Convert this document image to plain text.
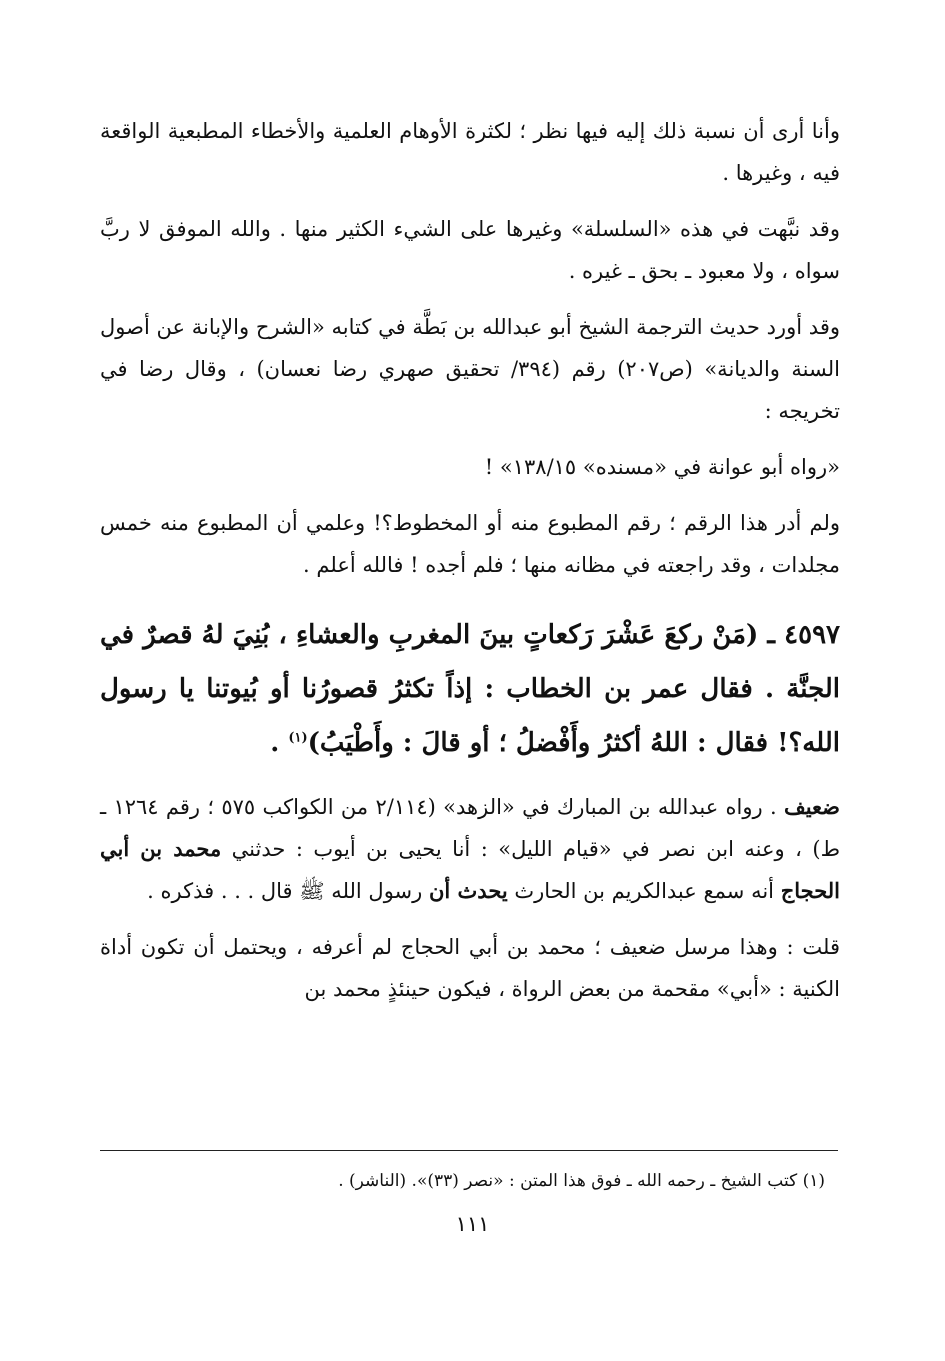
وأنا أرى أن نسبة ذلك إليه فيها نظر ؛ لكثرة الأوهام العلمية والأخطاء المطبعية الواقعة فيه ، وغيرها .

وقد نبَّهت في هذه «السلسلة» وغيرها على الشيء الكثير منها . والله الموفق لا ربَّ سواه ، ولا معبود ـ بحق ـ غيره .

وقد أورد حديث الترجمة الشيخ أبو عبدالله بن بَطَّة في كتابه «الشرح والإبانة عن أصول السنة والديانة» (ص٢٠٧) رقم (٣٩٤/ تحقيق صهري رضا نعسان) ، وقال رضا في تخريجه :

«رواه أبو عوانة في «مسنده» ١٣٨/١٥» !

ولم أدر هذا الرقم ؛ رقم المطبوع منه أو المخطوط؟! وعلمي أن المطبوع منه خمس مجلدات ، وقد راجعته في مظانه منها ؛ فلم أجده ! فالله أعلم .

٤٥٩٧ ـ (مَنْ ركعَ عَشْرَ رَكعاتٍ بينَ المغربِ والعشاءِ ، بُنِيَ لهُ قصرٌ في الجنَّة . فقال عمر بن الخطاب : إذاً تكثرُ قصورُنا أو بُيوتنا يا رسول الله؟! فقال : اللهُ أكثرُ وأَفْضلُ ؛ أو قالَ : وأَطْيَبُ)$^{(١)}$ .

ضعيف . رواه عبدالله بن المبارك في «الزهد» (٢/١١٤ من الكواكب ٥٧٥ ؛ رقم ١٢٦٤ ـ ط) ، وعنه ابن نصر في «قيام الليل» : أنا يحيى بن أيوب : حدثني محمد بن أبي الحجاج أنه سمع عبدالكريم بن الحارث يحدث أن رسول الله ﷺ قال . . . فذكره .

قلت : وهذا مرسل ضعيف ؛ محمد بن أبي الحجاج لم أعرفه ، ويحتمل أن تكون أداة الكنية : «أبي» مقحمة من بعض الرواة ، فيكون حينئذٍ محمد بن

(١) كتب الشيخ ـ رحمه الله ـ فوق هذا المتن : «نصر (٣٣)». (الناشر) .
١١١
